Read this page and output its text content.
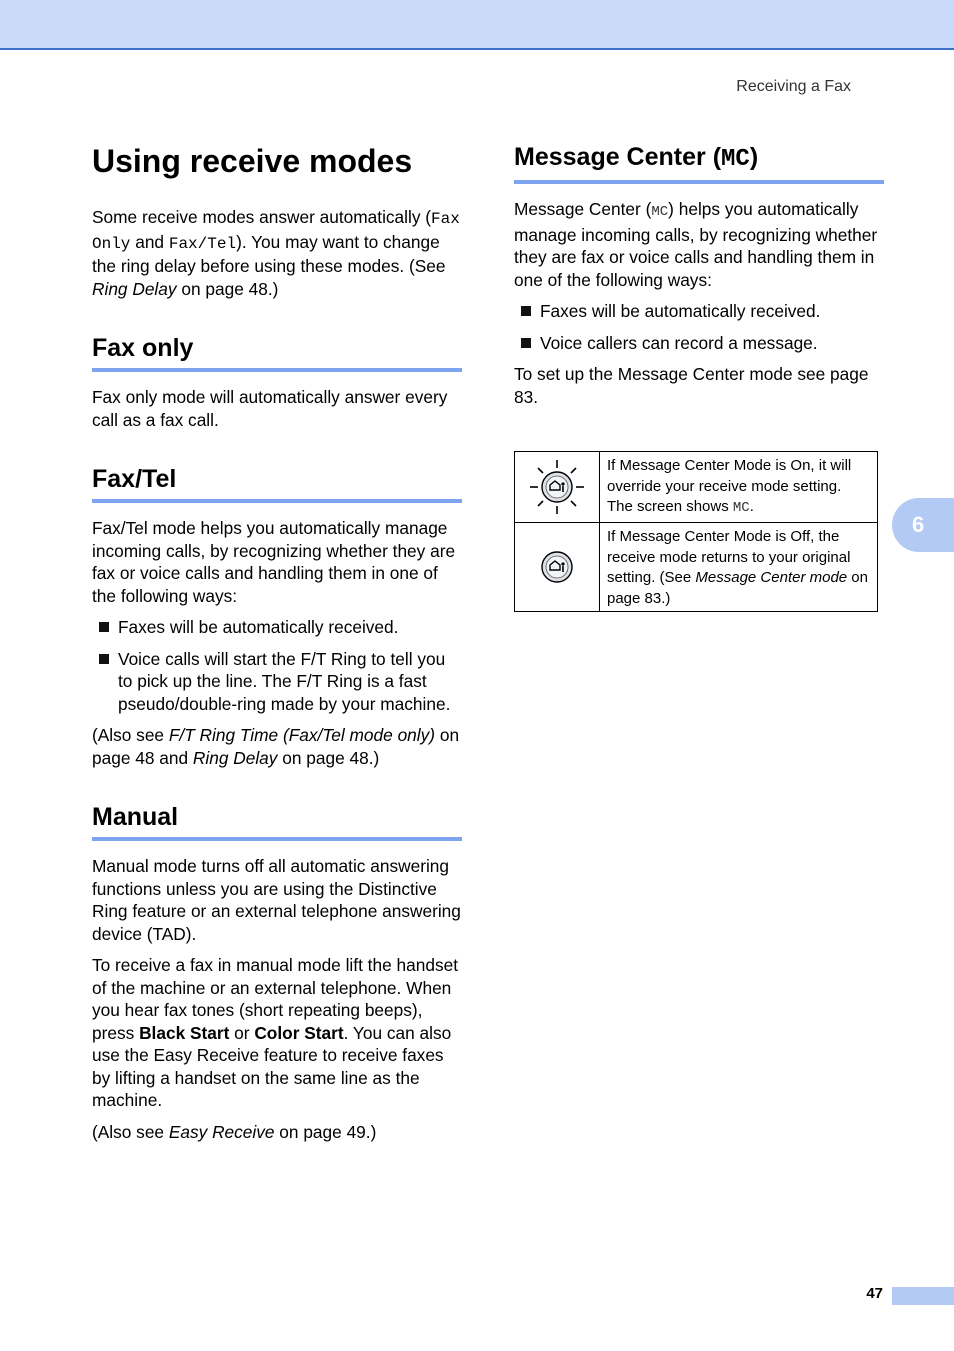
Receiving a Fax
Using receive modes

Some receive modes answer automatically (Fax Only and Fax/Tel). You may want to change the ring delay before using these modes. (See Ring Delay on page 48.)

Fax only

Fax only mode will automatically answer every call as a fax call.

Fax/Tel

Fax/Tel mode helps you automatically manage incoming calls, by recognizing whether they are fax or voice calls and handling them in one of the following ways:

Faxes will be automatically received.
Voice calls will start the F/T Ring to tell you to pick up the line. The F/T Ring is a fast pseudo/double-ring made by your machine.

(Also see F/T Ring Time (Fax/Tel mode only) on page 48 and Ring Delay on page 48.)

Manual

Manual mode turns off all automatic answering functions unless you are using the Distinctive Ring feature or an external telephone answering device (TAD).

To receive a fax in manual mode lift the handset of the machine or an external telephone. When you hear fax tones (short repeating beeps), press Black Start or Color Start. You can also use the Easy Receive feature to receive faxes by lifting a handset on the same line as the machine.

(Also see Easy Receive on page 49.)

Message Center (MC)

Message Center (MC) helps you automatically manage incoming calls, by recognizing whether they are fax or voice calls and handling them in one of the following ways:

Faxes will be automatically received.
Voice callers can record a message.

To set up the Message Center mode see page 83.

If Message Center Mode is On, it will override your receive mode setting. The screen shows MC.
If Message Center Mode is Off, the receive mode returns to your original setting. (See Message Center mode on page 83.)
6
47
